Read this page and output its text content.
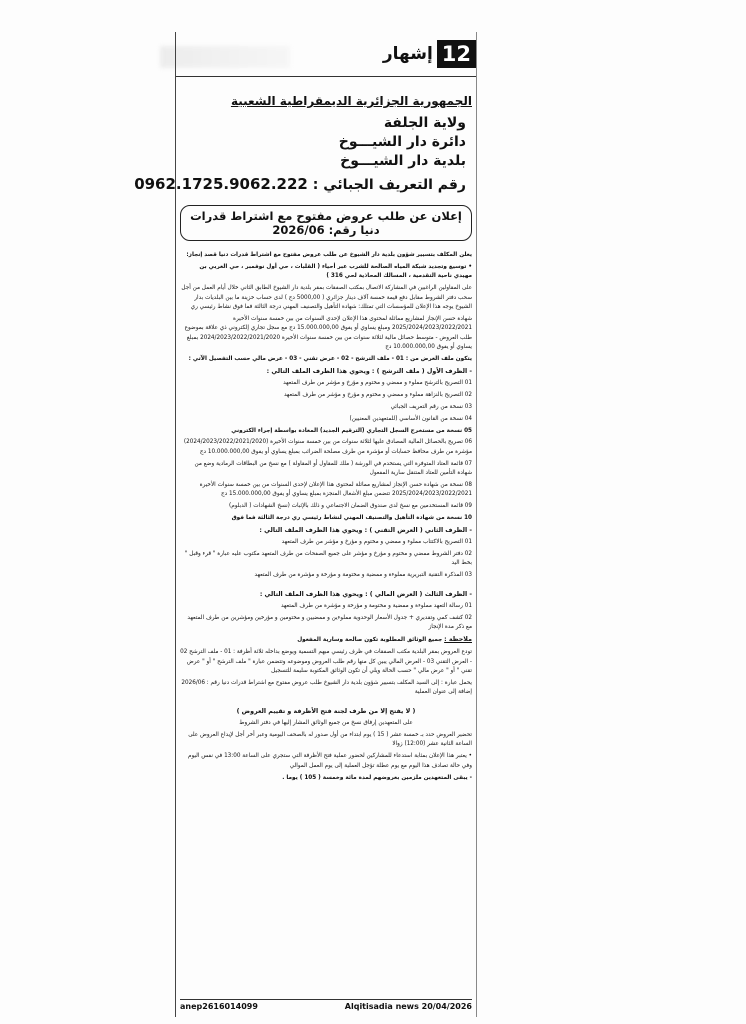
إشهار 12
الجمهورية الجزائرية الديمقراطية الشعبية
ولاية الجلفة
دائرة دار الشيـــوخ
بلدية دار الشيـــوخ
رقم التعريف الجبائي : 0962.1725.9062.222
إعلان عن طلب عروض مفتوح مع اشتراط قدرات دنيا رقم: 2026/06

يعلن المكلف بتسيير شؤون بلدية دار الشيوخ عن طلب عروض مفتوح مع اشتراط قدرات دنيا قصد إنجاز:

• توسيع وتجديد شبكة المياه الصالحة للشرب عبر أحياء ( القلبات ، حي أول نوفمبر ، حي العربي بن مهيدي ناحية التقدمية ، المسالك المحاذية لحي 316 )

على المقاولين الراغبين في المشاركة الاتصال بمكتب الصفقات بمقر بلدية دار الشيوخ الطابق الثاني خلال أيام العمل من أجل سحب دفتر الشروط مقابل دفع قيمة خمسة آلاف دينار جزائري ( 5000,00 دج ) لدى حساب خزينة ما بين البلديات بدار الشيوخ يوجه هذا الإعلان للمؤسسات التي تمتلك: شهادة التأهيل والتصنيف المهني درجة الثالثة فما فوق نشاط رئيسي ري

شهادة حسن الإنجاز لمشاريع مماثلة لمحتوى هذا الإعلان لإحدى السنوات من بين خمسة سنوات الأخيرة 2025/2024/2023/2022/2021 ومبلغ يساوي أو يفوق 15.000.000,00 دج مع سجل تجاري إلكتروني ذي علاقة بموضوع طلب العروض - متوسط حصائل مالية لثلاثة سنوات من بين خمسة سنوات الأخيرة 2024/2023/2022/2021/2020 بمبلغ يساوي أو يفوق 10.000.000,00 دج

يتكون ملف العرض من : 01 - ملف الترشح - 02 - عرض تقني - 03 - عرض مالي حسب التفصيل الآتي :

- الظرف الأول ( ملف الترشح ) : ويحوي هذا الظرف الملف التالي :

01 التصريح بالترشح مملوء و ممضي و مختوم و مؤرخ و مؤشر من طرف المتعهد

02 التصريح بالنزاهة مملوء و ممضي و مختوم و مؤرخ و مؤشر من طرف المتعهد

03 نسخة من رقم التعريف الجبائي

04 نسخة من القانون الأساسي (للمتعهدين المعنيين)

05 نسخة من مستخرج السجل التجاري (الترقيم الجديد) المعادة بواسطة إجراء الكتروني

06 تصريح بالحصائل المالية المصادق عليها لثلاثة سنوات من بين خمسة سنوات الأخيرة (2024/2023/2022/2021/2020) مؤشرة من طرف محافظ حسابات أو مؤشرة من طرف مصلحة الضرائب بمبلغ يساوي أو يفوق 10.000.000,00 دج

07 قائمة العتاد المتوفرة التي يستخدم في الورشة ( ملك للمقاول أو المقاولة ) مع نسخ من البطاقات الرمادية وضع من شهادة التأمين للعتاد المتنقل سارية المفعول

08 نسخة من شهادة حسن الإنجاز لمشاريع مماثلة لمحتوى هذا الإعلان لإحدى السنوات من بين خمسة سنوات الأخيرة 2025/2024/2023/2022/2021 تتضمن مبلغ الأشغال المنجزة بمبلغ يساوي أو يفوق 15.000.000,00 دج

09 قائمة المستخدمين مع نسخ لدى صندوق الضمان الاجتماعي و ذلك بالإثبات (نسخ الشهادات ( الدبلوم)

10 نسخة من شهادة التأهيل والتصنيف المهني لنشاط رئيسي ري درجة الثالثة فما فوق

- الظرف الثاني ( العرض التقني ) : ويحوي هذا الظرف الملف التالي :

01 التصريح بالاكتتاب مملوء و ممضي و مختوم و مؤرخ و مؤشر من طرف المتعهد

02 دفتر الشروط ممضي و مختوم و مؤرخ و مؤشر على جميع الصفحات من طرف المتعهد مكتوب عليه عبارة " قرء وقبل " بخط اليد

03 المذكرة التقنية التبريرية مملوءة و ممضية و مختومة و مؤرخة و مؤشرة من طرف المتعهد

- الظرف الثالث ( العرض المالي ) : ويحوي هذا الظرف الملف التالي :

01 رسالة التعهد مملوءة و ممضية و مختومة و مؤرخة و مؤشرة من طرف المتعهد

02 كشف كمي وتقديري + جدول الأسعار الوحدوية مملوءين و ممضيين و مختومين و مؤرخين ومؤشرين من طرف المتعهد مع ذكر مدة الإنجاز

ملاحظة : جميع الوثائق المطلوبة تكون صالحة وسارية المفعول

تودع العروض بمقر البلدية مكتب الصفقات في ظرف رئيسي مبهم التسمية ويوضع بداخله ثلاثة أظرفة : 01 - ملف الترشح 02 - العرض التقني 03 - العرض المالي يبين كل منها رقم طلب العروض وموضوعه وتتضمن عبارة " ملف الترشح " أو " عرض تقني " أو " عرض مالي " حسب الحالة ويلي أن تكون الوثائق المكتوبة سليمة للتسجيل

يحمل عبارة : إلى السيد المكلف بتسيير شؤون بلدية دار الشيوخ طلب عروض مفتوح مع اشتراط قدرات دنيا رقم : 2026/06 إضافة إلى عنوان العملية

( لا يفتح إلا من طرف لجنة فتح الأظرفة و تقييم العروض )

على المتعهدين إرفاق نسخ من جميع الوثائق المشار إليها في دفتر الشروط

تحضير العروض حدد بـ خمسة عشر ( 15 ) يوم ابتداء من أول صدور له بالصحف اليومية وعبر أخر أجل لإيداع العروض على الساعة الثانية عشر (12:00) زوالا

• يعتبر هذا الإعلان بمثابة استدعاء للمشاركين لحضور عملية فتح الأظرفة التي ستجري على الساعة 13:00 في نفس اليوم وفي حالة تصادف هذا اليوم مع يوم عطلة تؤجل العملية إلى يوم العمل الموالي

- يبقى المتعهدين ملزمين بعروضهم لمدة مائة وخمسة ( 105 ) يوما .

anep2616014099	Alqitisadia news 20/04/2026
